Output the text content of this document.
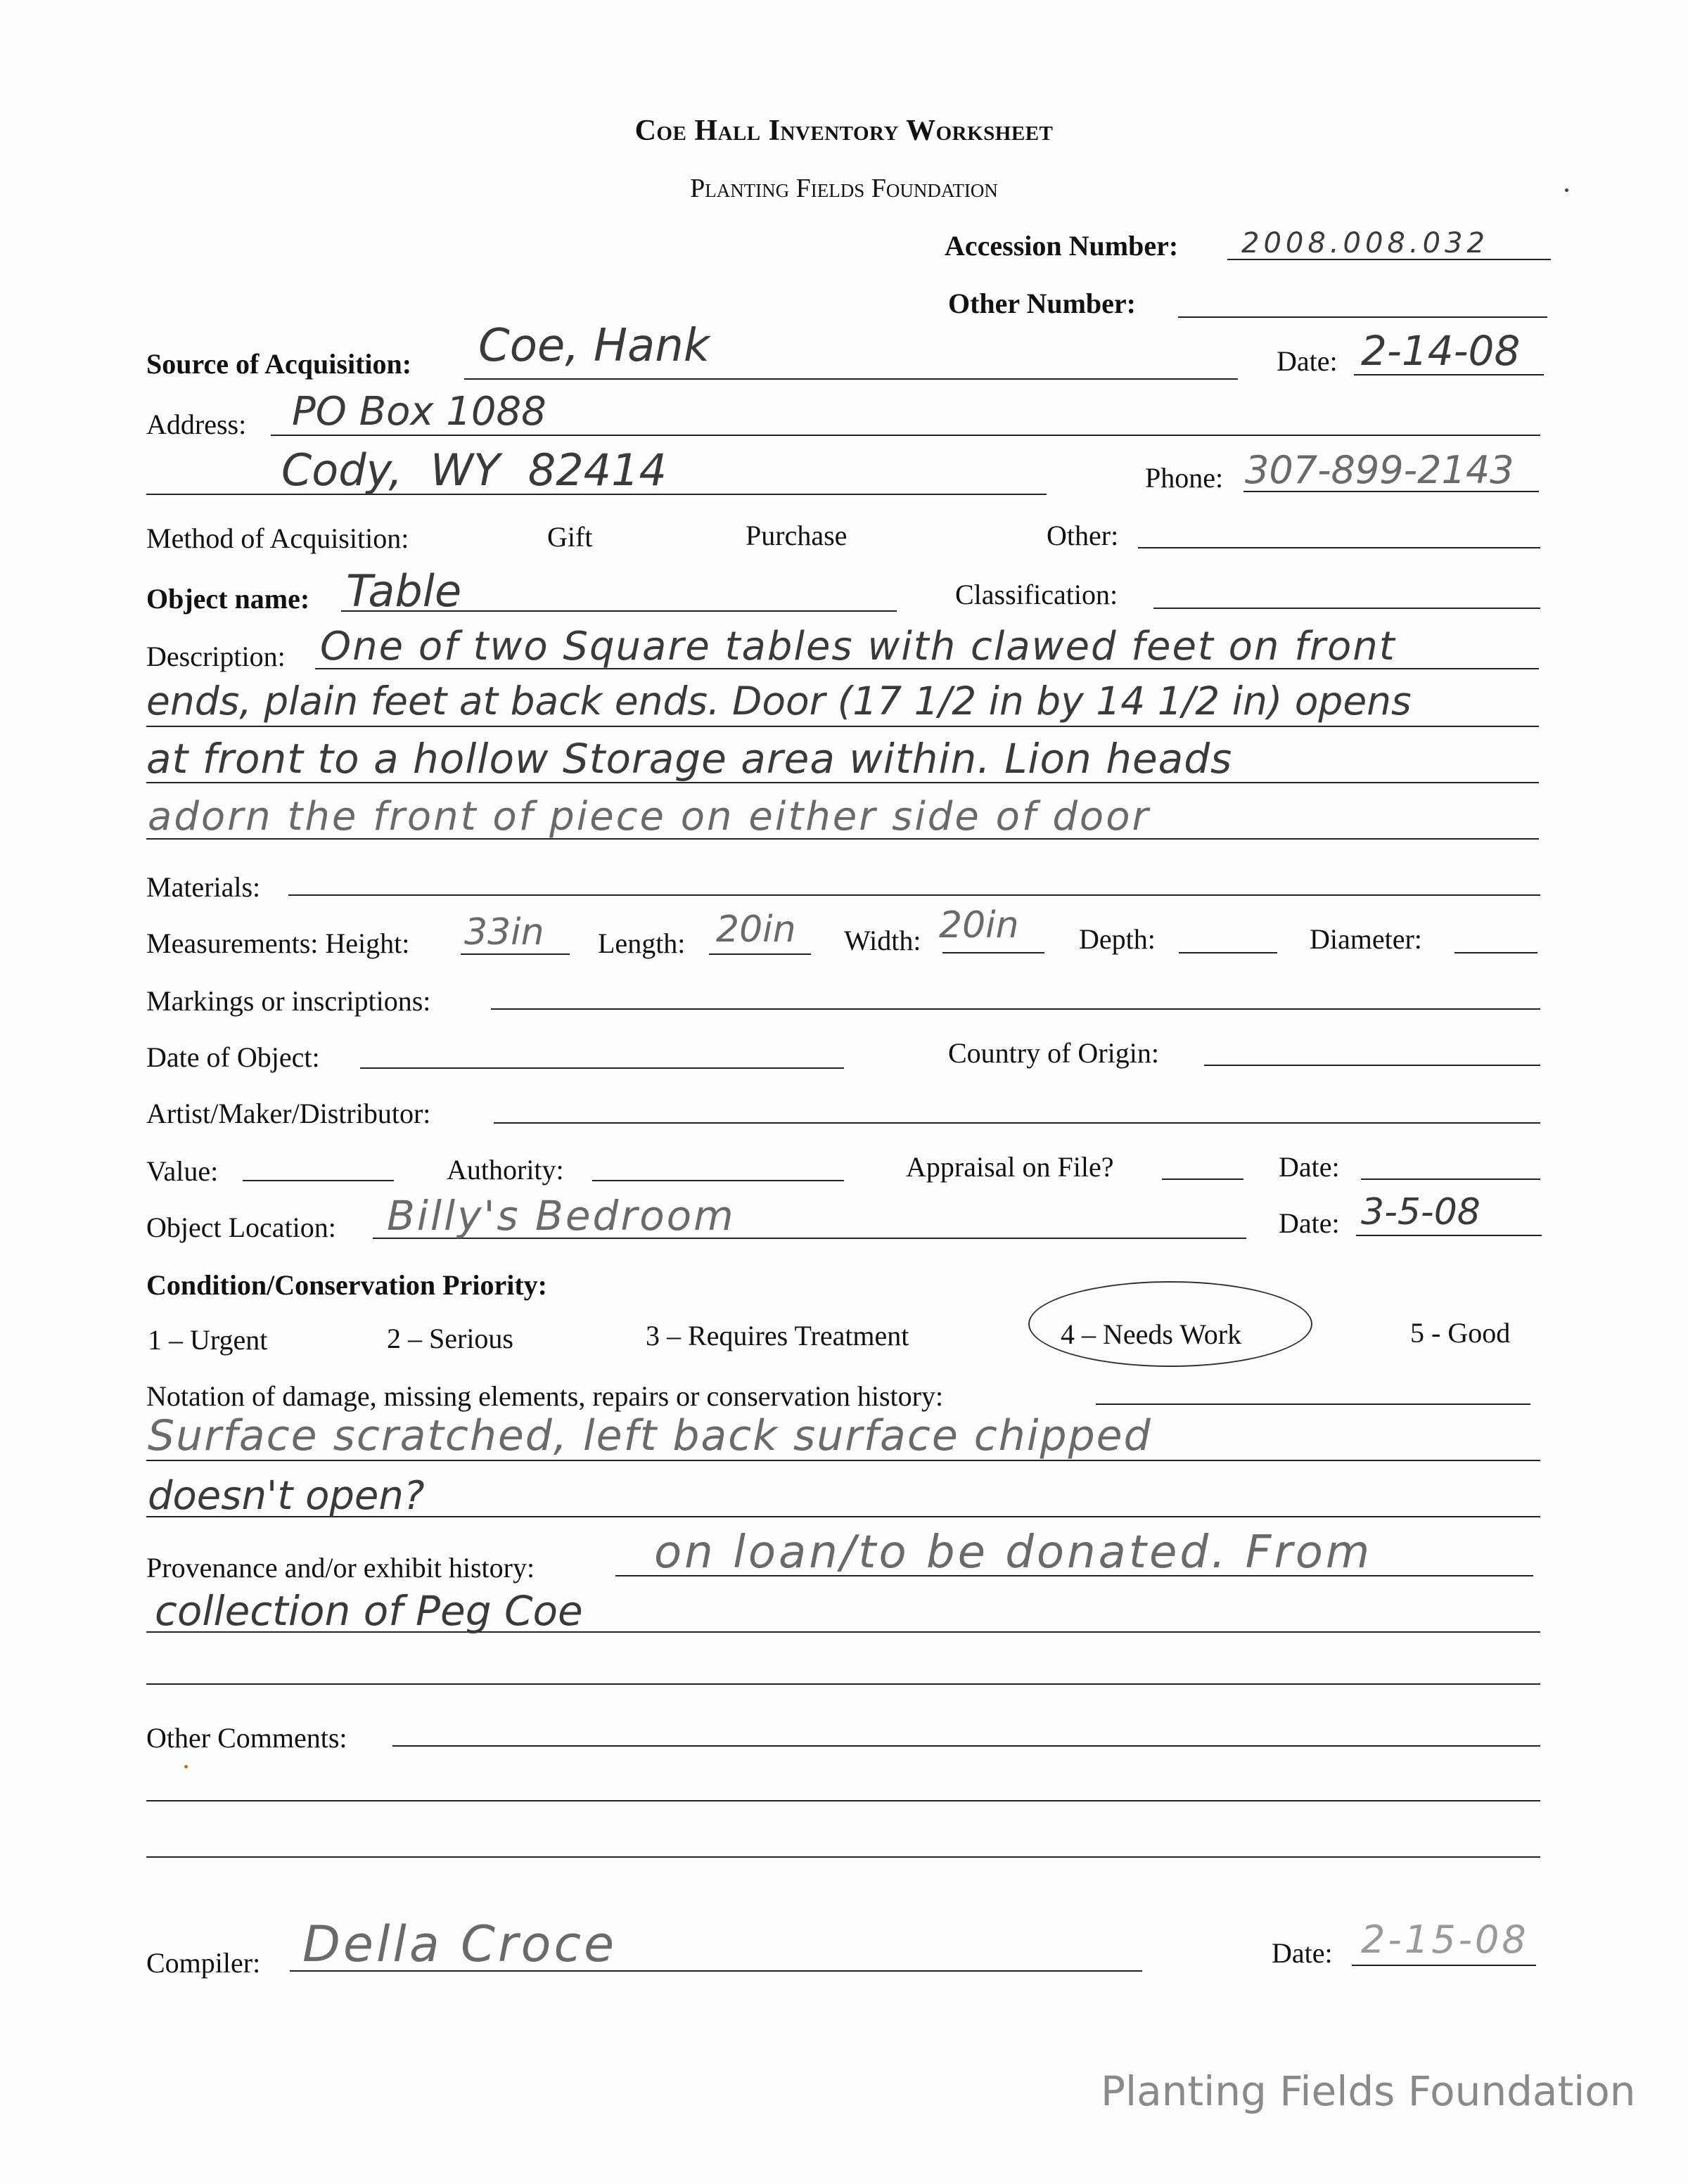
Coe Hall Inventory Worksheet
Planting Fields Foundation
Accession Number: 2008.008.032
Other Number:
Source of Acquisition: Coe, Hank	Date: 2-14-08
Address: PO Box 1088
Cody, WY 82414	Phone: 307-899-2143
Method of Acquisition:	Gift	Purchase	Other:
Object name: Table	Classification:
Description: One of two Square tables with clawed feet on front
ends, plain feet at back ends. Door (17 1/2 in by 14 1/2 in) opens
at front to a hollow Storage area within. Lion heads
adorn the front of piece on either side of door
Materials:
Measurements: Height: 33in Length: 20in Width: 20in Depth:	Diameter:
Markings or inscriptions:
Date of Object:	Country of Origin:
Artist/Maker/Distributor:
Value:	Authority:	Appraisal on File?	Date:
Object Location: Billy's Bedroom	Date: 3-5-08
Condition/Conservation Priority:
1 – Urgent	2 – Serious	3 – Requires Treatment	4 – Needs Work	5 - Good
Notation of damage, missing elements, repairs or conservation history:
Surface scratched, left back surface chipped
doesn't open?
Provenance and/or exhibit history:	on loan/to be donated. From
collection of Peg Coe
Other Comments:
Compiler: Della Croce	Date: 2-15-08
Planting Fields Foundation
